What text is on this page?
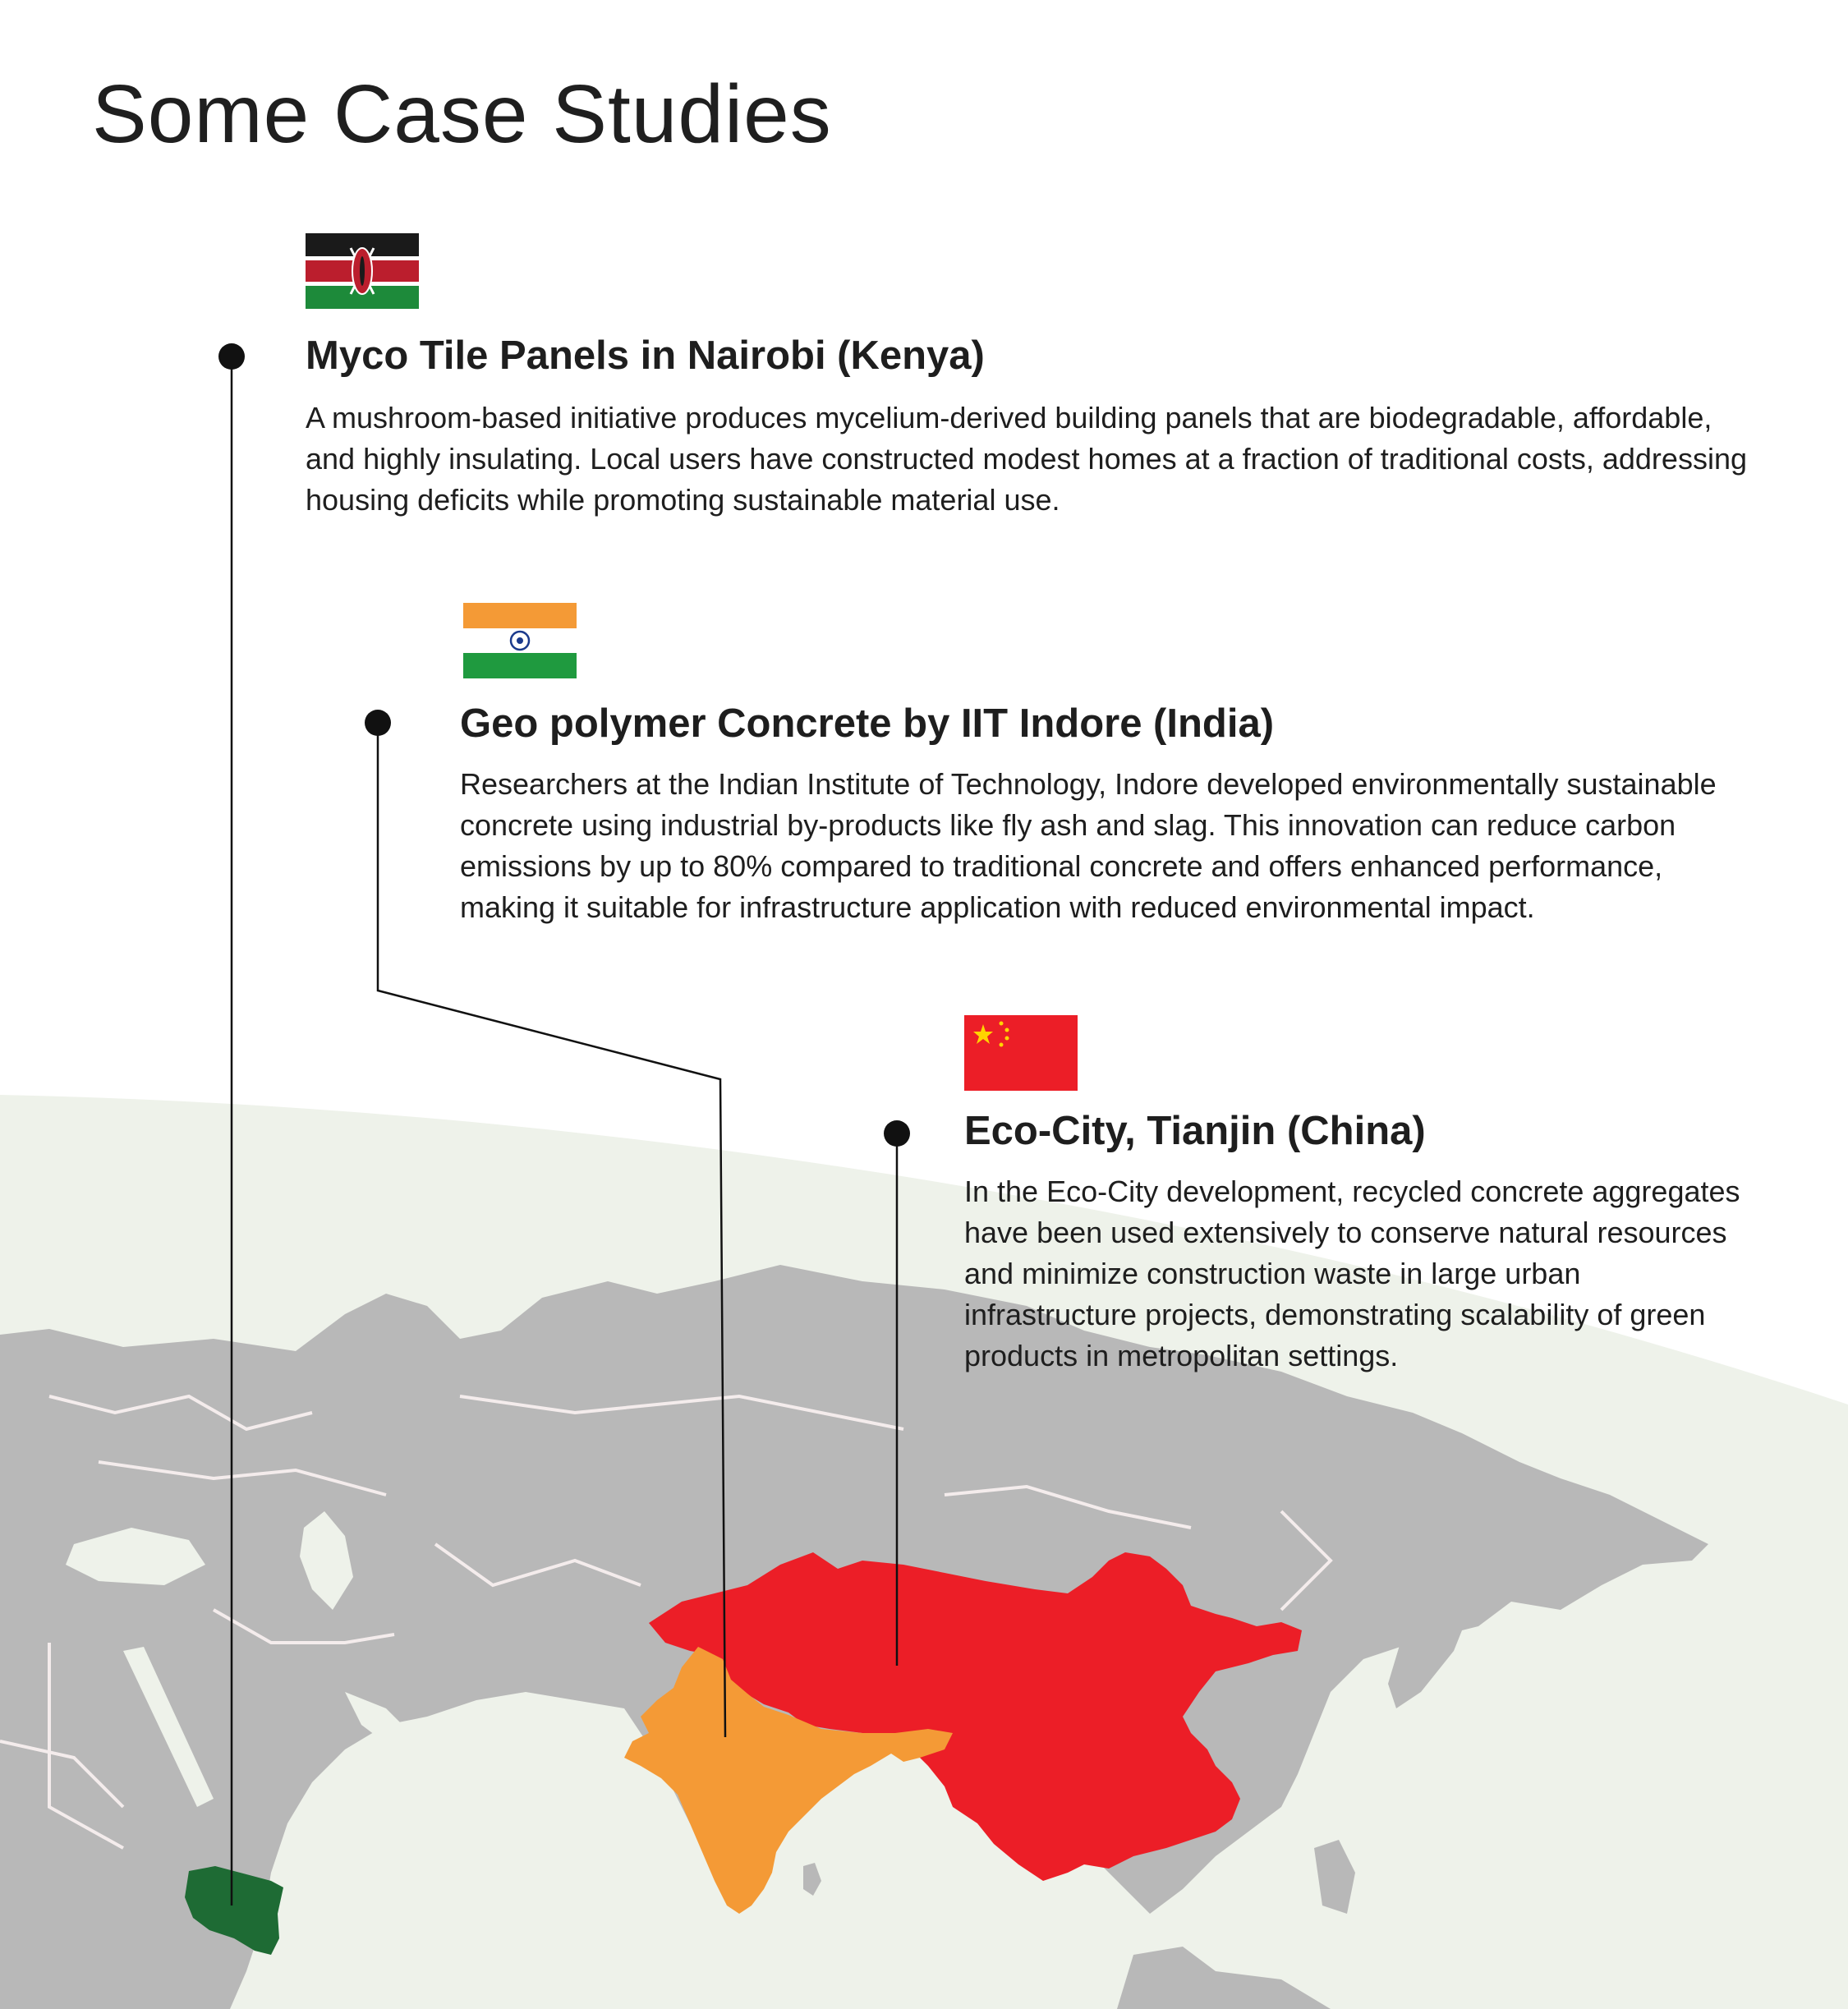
Some Case Studies
Myco Tile Panels in Nairobi (Kenya)

A mushroom-based initiative produces mycelium-derived building panels that are biodegradable, affordable, and highly insulating. Local users have constructed modest homes at a fraction of traditional costs, addressing housing deficits while promoting sustainable material use.

Geo polymer Concrete by IIT Indore (India)

Researchers at the Indian Institute of Technology, Indore developed environmentally sustainable concrete using industrial by-products like fly ash and slag. This innovation can reduce carbon emissions by up to 80% compared to traditional concrete and offers enhanced performance, making it suitable for infrastructure application with reduced environmental impact.

Eco-City, Tianjin (China)

In the Eco-City development, recycled concrete aggregates have been used extensively to conserve natural resources and minimize construction waste in large urban infrastructure projects, demonstrating scalability of green products in metropolitan settings.
